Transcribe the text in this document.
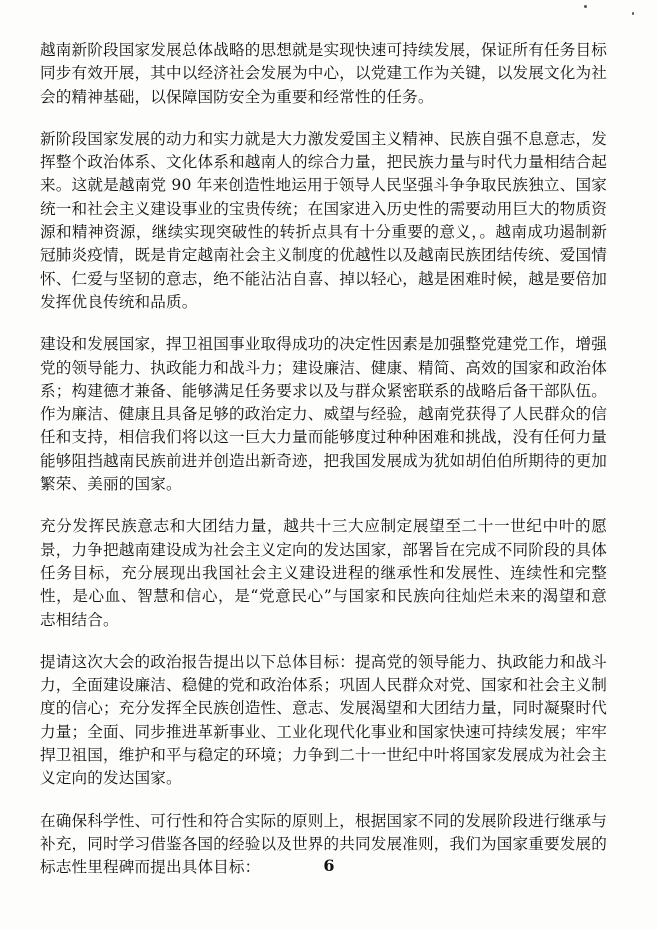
越南新阶段国家发展总体战略的思想就是实现快速可持续发展，保证所有任务目标同步有效开展，其中以经济社会发展为中心，以党建工作为关键，以发展文化为社会的精神基础，以保障国防安全为重要和经常性的任务。

新阶段国家发展的动力和实力就是大力激发爱国主义精神、民族自强不息意志，发挥整个政治体系、文化体系和越南人的综合力量，把民族力量与时代力量相结合起来。这就是越南党 90 年来创造性地运用于领导人民坚强斗争争取民族独立、国家统一和社会主义建设事业的宝贵传统；在国家进入历史性的需要动用巨大的物质资源和精神资源，继续实现突破性的转折点具有十分重要的意义，。越南成功遏制新冠肺炎疫情，既是肯定越南社会主义制度的优越性以及越南民族团结传统、爱国情怀、仁爱与坚韧的意志，绝不能沾沾自喜、掉以轻心，越是困难时候，越是要倍加发挥优良传统和品质。

建设和发展国家，捍卫祖国事业取得成功的决定性因素是加强整党建党工作，增强党的领导能力、执政能力和战斗力；建设廉洁、健康、精简、高效的国家和政治体系；构建德才兼备、能够满足任务要求以及与群众紧密联系的战略后备干部队伍。作为廉洁、健康且具备足够的政治定力、威望与经验，越南党获得了人民群众的信任和支持，相信我们将以这一巨大力量而能够度过种种困难和挑战，没有任何力量能够阻挡越南民族前进并创造出新奇迹，把我国发展成为犹如胡伯伯所期待的更加繁荣、美丽的国家。

充分发挥民族意志和大团结力量，越共十三大应制定展望至二十一世纪中叶的愿景，力争把越南建设成为社会主义定向的发达国家，部署旨在完成不同阶段的具体任务目标，充分展现出我国社会主义建设进程的继承性和发展性、连续性和完整性，是心血、智慧和信心，是“党意民心”与国家和民族向往灿烂未来的渴望和意志相结合。

提请这次大会的政治报告提出以下总体目标：提高党的领导能力、执政能力和战斗力，全面建设廉洁、稳健的党和政治体系；巩固人民群众对党、国家和社会主义制度的信心；充分发挥全民族创造性、意志、发展渴望和大团结力量，同时凝聚时代力量；全面、同步推进革新事业、工业化现代化事业和国家快速可持续发展；牢牢捍卫祖国，维护和平与稳定的环境；力争到二十一世纪中叶将国家发展成为社会主义定向的发达国家。

在确保科学性、可行性和符合实际的原则上，根据国家不同的发展阶段进行继承与补充，同时学习借鉴各国的经验以及世界的共同发展准则，我们为国家重要发展的标志性里程碑而提出具体目标：	6
